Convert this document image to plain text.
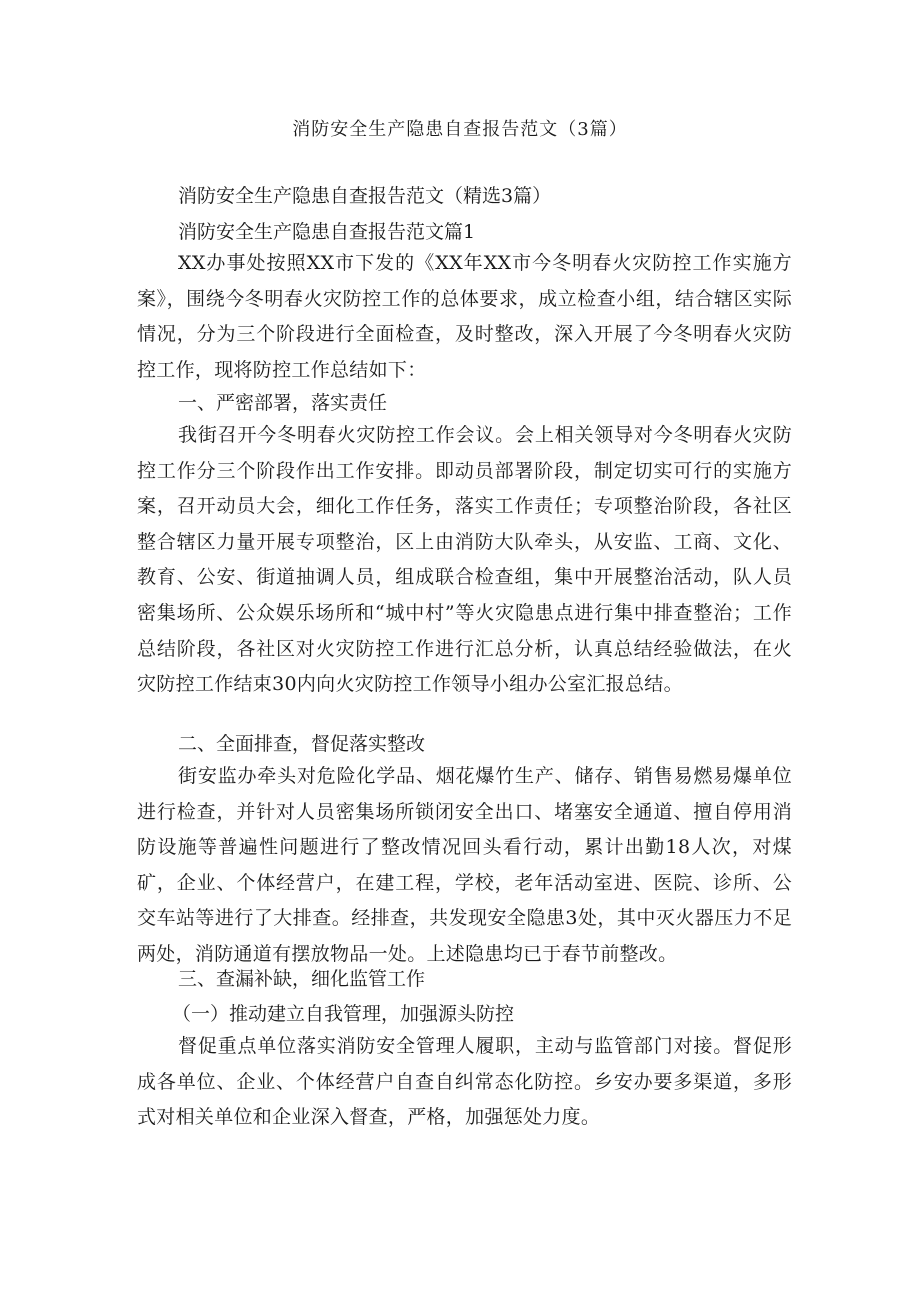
消防安全生产隐患自查报告范文（3篇）
消防安全生产隐患自查报告范文（精选3篇）
消防安全生产隐患自查报告范文篇1

XX办事处按照XX市下发的《XX年XX市今冬明春火灾防控工作实施方案》，围绕今冬明春火灾防控工作的总体要求，成立检查小组，结合辖区实际情况，分为三个阶段进行全面检查，及时整改，深入开展了今冬明春火灾防控工作，现将防控工作总结如下：

一、严密部署，落实责任

我街召开今冬明春火灾防控工作会议。会上相关领导对今冬明春火灾防控工作分三个阶段作出工作安排。即动员部署阶段，制定切实可行的实施方案，召开动员大会，细化工作任务，落实工作责任；专项整治阶段，各社区整合辖区力量开展专项整治，区上由消防大队牵头，从安监、工商、文化、教育、公安、街道抽调人员，组成联合检查组，集中开展整治活动，队人员密集场所、公众娱乐场所和“城中村”等火灾隐患点进行集中排查整治；工作总结阶段，各社区对火灾防控工作进行汇总分析，认真总结经验做法，在火灾防控工作结束30内向火灾防控工作领导小组办公室汇报总结。

二、全面排查，督促落实整改

街安监办牵头对危险化学品、烟花爆竹生产、储存、销售易燃易爆单位进行检查，并针对人员密集场所锁闭安全出口、堵塞安全通道、擅自停用消防设施等普遍性问题进行了整改情况回头看行动，累计出勤18人次，对煤矿，企业、个体经营户，在建工程，学校，老年活动室进、医院、诊所、公交车站等进行了大排查。经排查，共发现安全隐患3处，其中灭火器压力不足两处，消防通道有摆放物品一处。上述隐患均已于春节前整改。

三、查漏补缺，细化监管工作
（一）推动建立自我管理，加强源头防控

督促重点单位落实消防安全管理人履职，主动与监管部门对接。督促形成各单位、企业、个体经营户自查自纠常态化防控。乡安办要多渠道，多形式对相关单位和企业深入督查，严格，加强惩处力度。
